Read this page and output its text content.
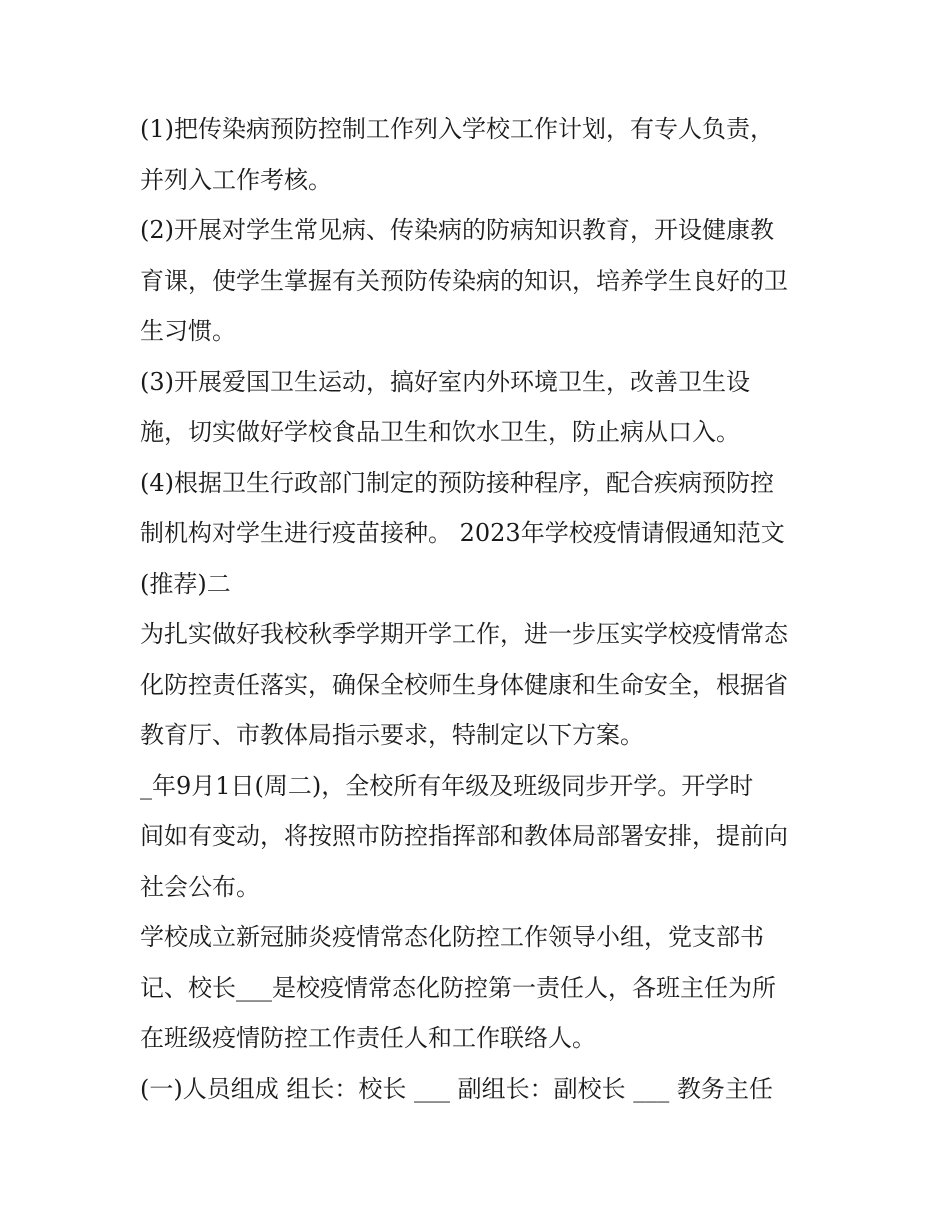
(1)把传染病预防控制工作列入学校工作计划，有专人负责，
并列入工作考核。
(2)开展对学生常见病、传染病的防病知识教育，开设健康教
育课，使学生掌握有关预防传染病的知识，培养学生良好的卫
生习惯。
(3)开展爱国卫生运动，搞好室内外环境卫生，改善卫生设
施，切实做好学校食品卫生和饮水卫生，防止病从口入。
(4)根据卫生行政部门制定的预防接种程序，配合疾病预防控
制机构对学生进行疫苗接种。 2023年学校疫情请假通知范文
(推荐)二
为扎实做好我校秋季学期开学工作，进一步压实学校疫情常态
化防控责任落实，确保全校师生身体健康和生命安全，根据省
教育厅、市教体局指示要求，特制定以下方案。
_年9月1日(周二)，全校所有年级及班级同步开学。开学时
间如有变动，将按照市防控指挥部和教体局部署安排，提前向
社会公布。
学校成立新冠肺炎疫情常态化防控工作领导小组，党支部书
记、校长___是校疫情常态化防控第一责任人，各班主任为所
在班级疫情防控工作责任人和工作联络人。
(一)人员组成 组长：校长 ___ 副组长：副校长 ___ 教务主任
